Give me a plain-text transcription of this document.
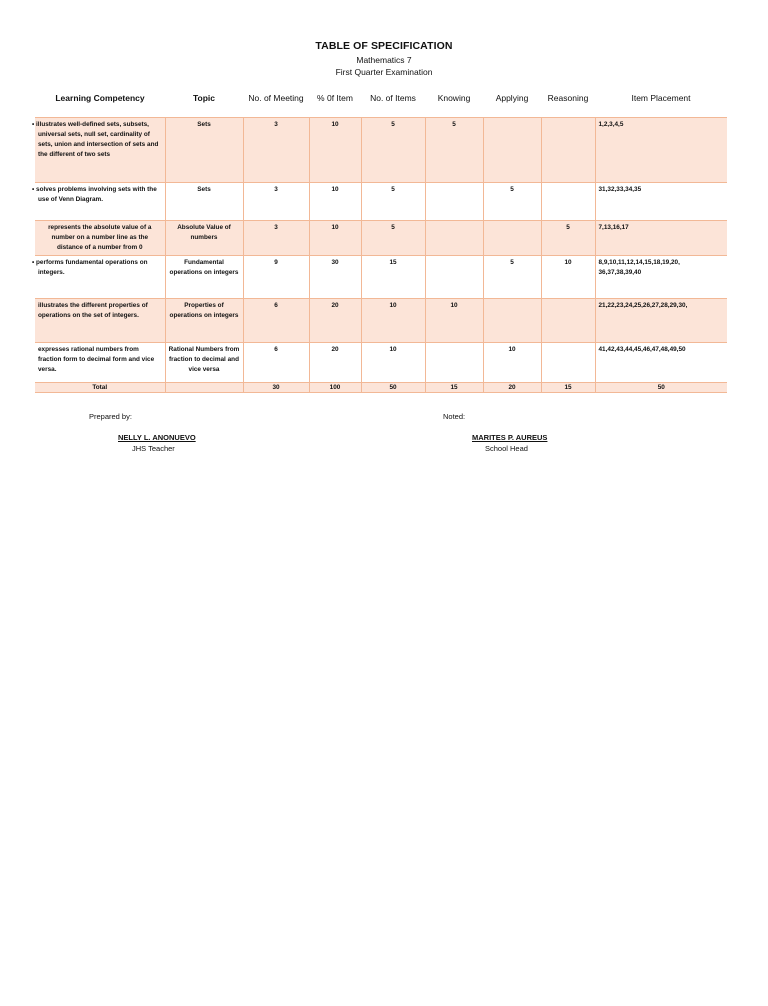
TABLE OF SPECIFICATION
Mathematics 7
First Quarter Examination
Learning Competency	Topic	No. of Meeting	% 0f Item	No. of Items	Knowing	Applying	Reasoning	Item Placement
• illustrates well-defined sets, subsets, universal sets, null set, cardinality of sets, union and intersection of sets and the different of two sets	Sets	3	10	5	5			1,2,3,4,5
• solves problems involving sets with the use of Venn Diagram.	Sets	3	10	5		5		31,32,33,34,35
represents the absolute value of a number on a number line as the distance of a number from 0	Absolute Value of numbers	3	10	5			5	7,13,16,17
• performs fundamental operations on integers.	Fundamental operations on integers	9	30	15		5	10	8,9,10,11,12,14,15,18,19,20, 36,37,38,39,40
illustrates the different properties of operations on the set of integers.	Properties of operations on integers	6	20	10	10			21,22,23,24,25,26,27,28,29,30,
expresses rational numbers from fraction form to decimal form and vice versa.	Rational Numbers from fraction to decimal and vice versa	6	20	10		10		41,42,43,44,45,46,47,48,49,50
Total		30	100	50	15	20	15	50
Prepared by:
NELLY L. ANONUEVO
JHS Teacher
Noted:
MARITES P. AUREUS
School Head
